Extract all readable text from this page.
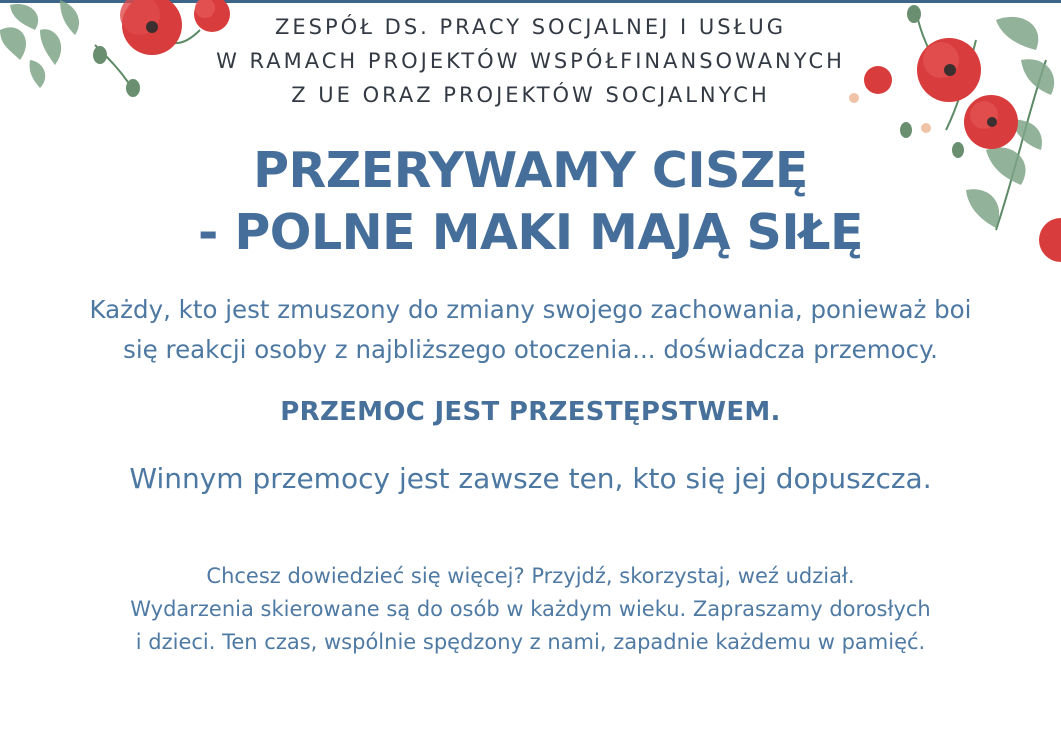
ZESPÓŁ DS. PRACY SOCJALNEJ I USŁUG
W RAMACH PROJEKTÓW WSPÓŁFINANSOWANYCH
Z UE ORAZ PROJEKTÓW SOCJALNYCH
PRZERYWAMY CISZĘ
- POLNE MAKI MAJĄ SIŁĘ
Każdy, kto jest zmuszony do zmiany swojego zachowania, ponieważ boi
się reakcji osoby z najbliższego otoczenia... doświadcza przemocy.
PRZEMOC JEST PRZESTĘPSTWEM.
Winnym przemocy jest zawsze ten, kto się jej dopuszcza.
Chcesz dowiedzieć się więcej? Przyjdź, skorzystaj, weź udział.
Wydarzenia skierowane są do osób w każdym wieku. Zapraszamy dorosłych
i dzieci. Ten czas, wspólnie spędzony z nami, zapadnie każdemu w pamięć.
